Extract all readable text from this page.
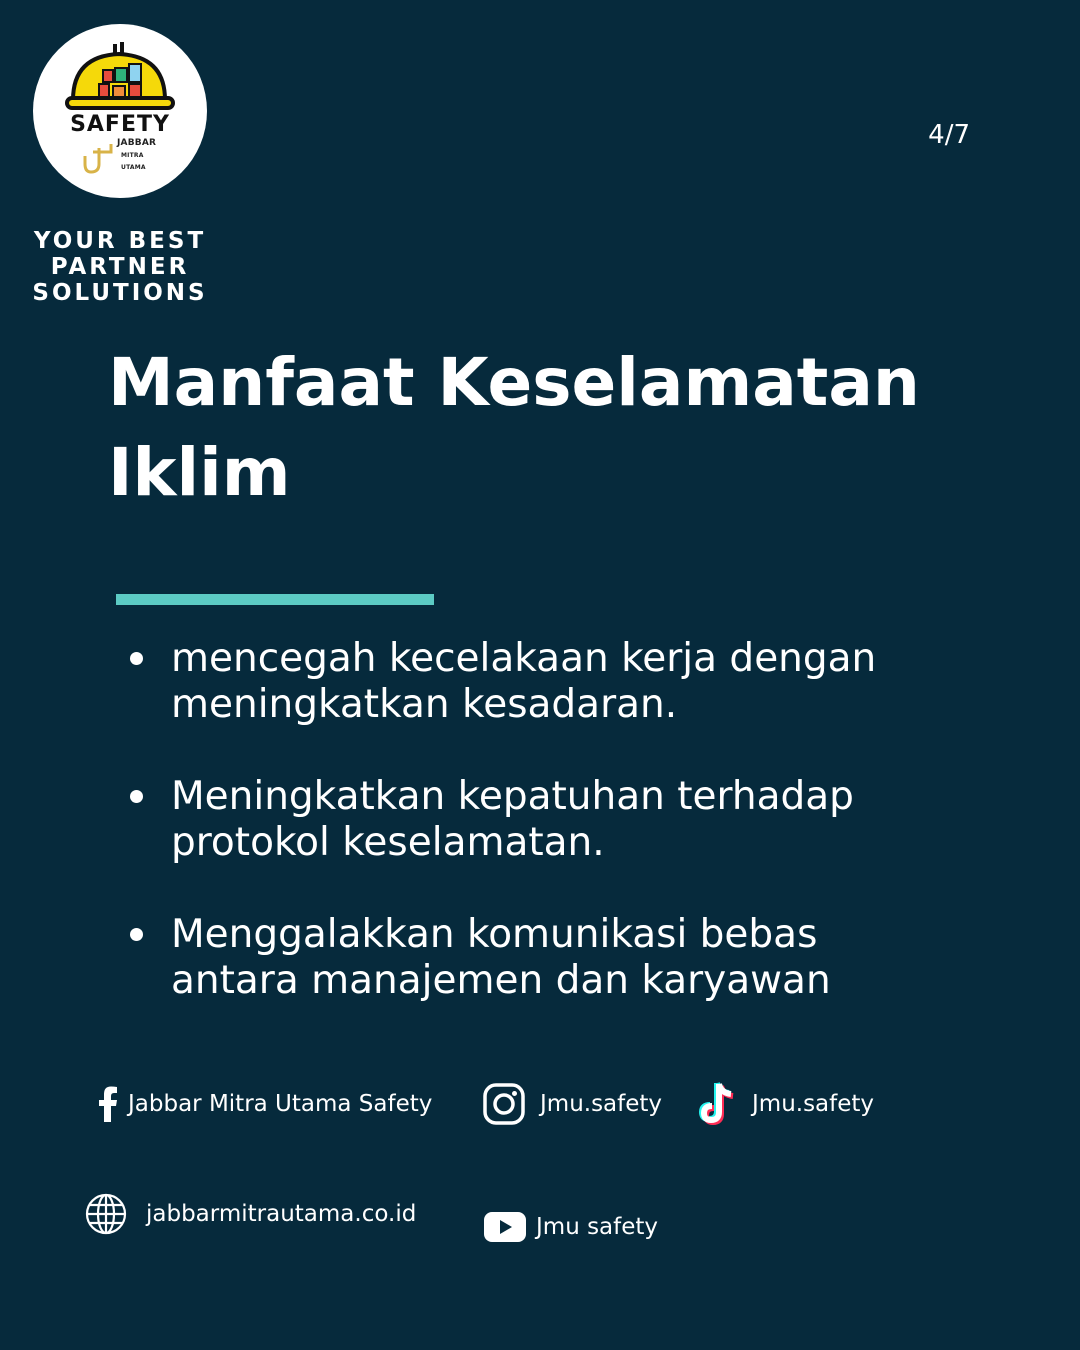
SAFETY
JABBAR
MITRA
UTAMA
YOUR BEST
PARTNER
SOLUTIONS
4/7
Manfaat Keselamatan
Iklim
mencegah kecelakaan kerja dengan
meningkatkan kesadaran.
Meningkatkan kepatuhan terhadap
protokol keselamatan.
Menggalakkan komunikasi bebas
antara manajemen dan karyawan
Jabbar Mitra Utama Safety	Jmu.safety	Jmu.safety
jabbarmitrautama.co.id	Jmu safety
